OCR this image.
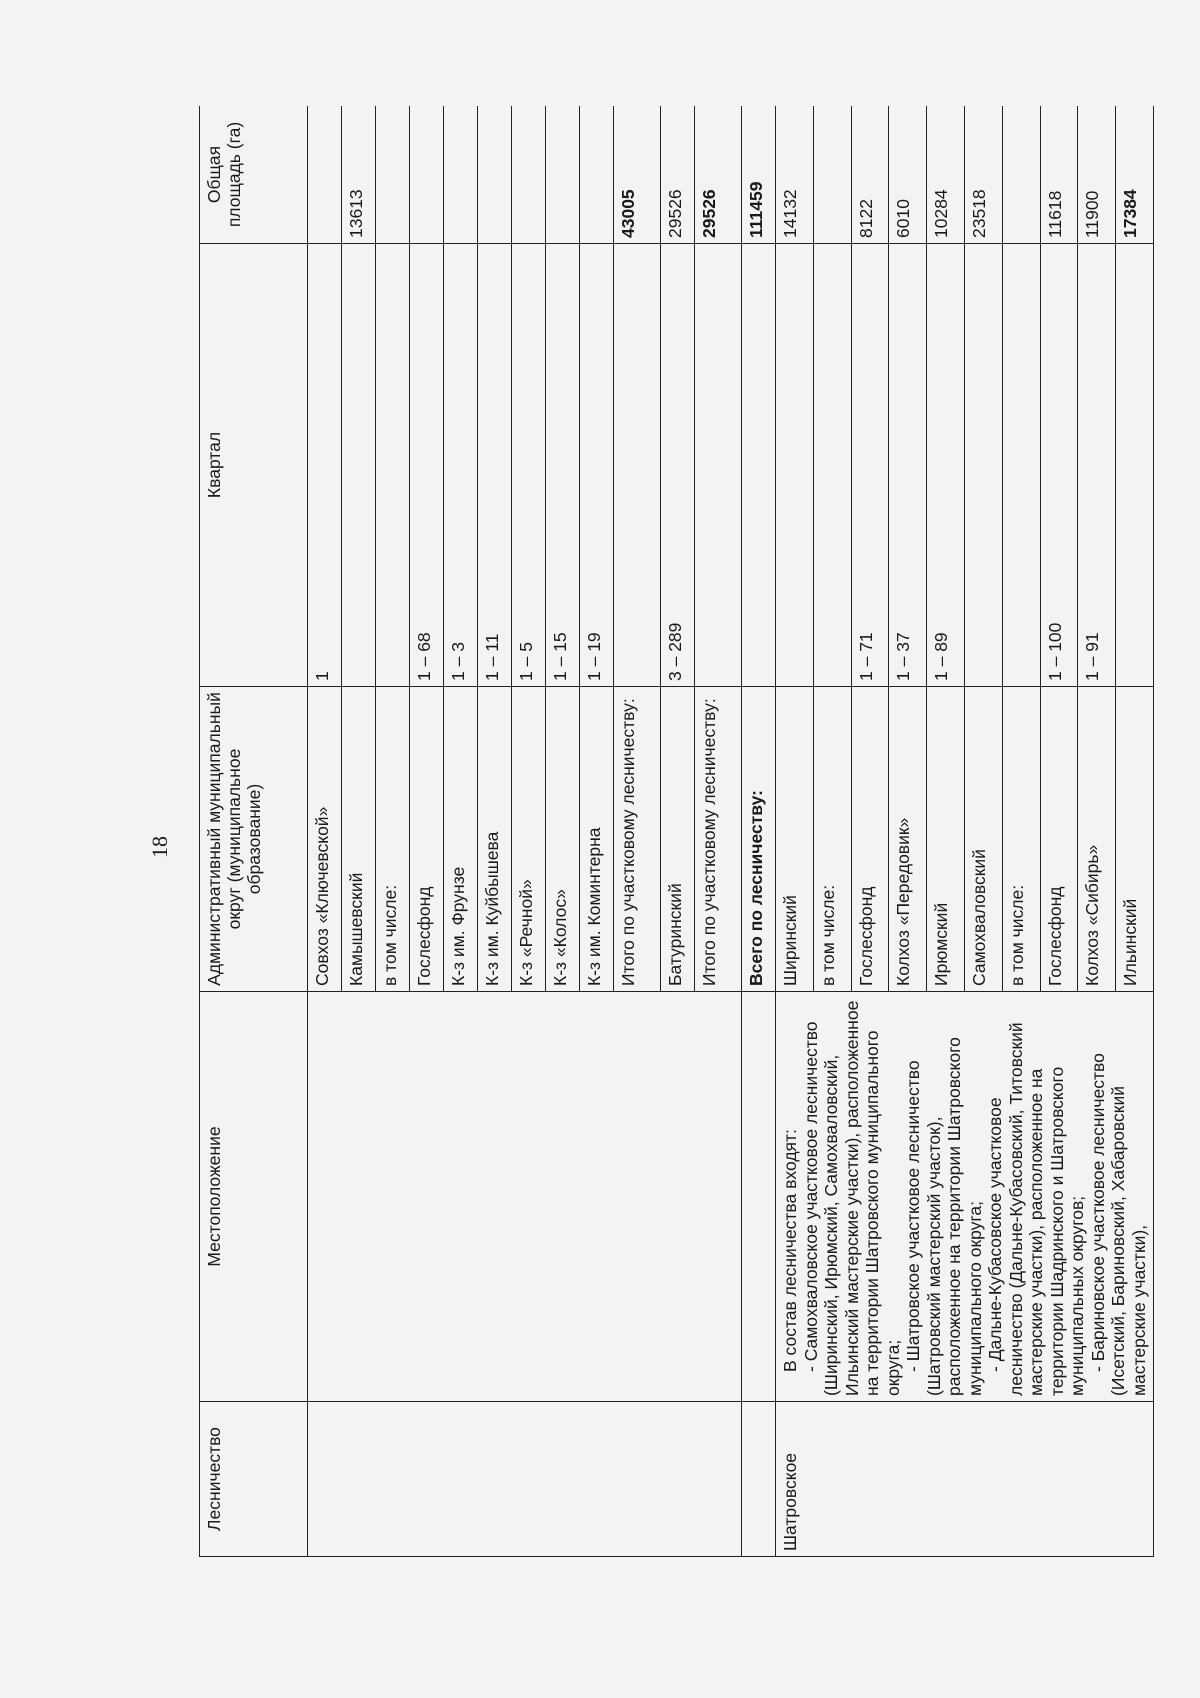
18
Лесничество	Местоположение	Административный муниципальный округ (муниципальное образование)	Квартал	Общая площадь (га)
		Совхоз «Ключевской»	1	
		Камышевский		13613
		в том числе:		
		Гослесфонд	1 – 68	
		К-з им. Фрунзе	1 – 3	
		К-з им. Куйбышева	1 – 11	
		К-з «Речной»	1 – 5	
		К-з «Колос»	1 – 15	
		К-з им. Коминтерна	1 – 19	
		Итого по участковому лесничеству:		43005
		Батуринский	3 – 289	29526
		Итого по участковому лесничеству:		29526
		Всего по лесничеству:		111459
Шатровское	В состав лесничества входят: - Самохваловское участковое лесничество (Ширинский, Ирюмский, Самохваловский, Ильинский мастерские участки), расположенное на территории Шатровского муниципального округа; - Шатровское участковое лесничество (Шатровский мастерский участок), расположенное на территории Шатровского муниципального округа; - Дальне-Кубасовское участковое лесничество (Дальне-Кубасовский, Титовский мастерские участки), расположенное на территории Шадринского и Шатровского муниципальных округов; - Бариновское участковое лесничество (Исетский, Бариновский, Хабаровский мастерские участки),	Ширинский		14132
		в том числе:		
		Гослесфонд	1 – 71	8122
		Колхоз «Передовик»	1 – 37	6010
		Ирюмский	1 – 89	10284
		Самохваловский		23518
		в том числе:		
		Гослесфонд	1 – 100	11618
		Колхоз «Сибирь»	1 – 91	11900
		Ильинский		17384
